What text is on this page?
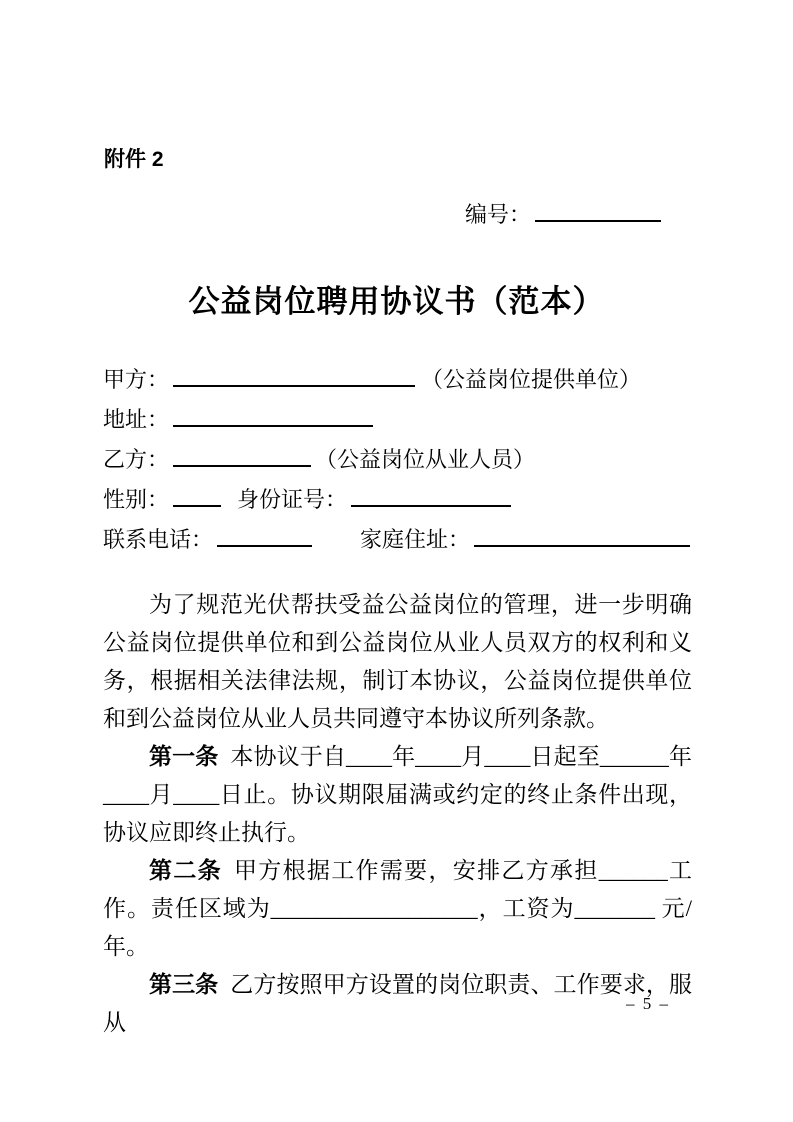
附件 2
编号：
公益岗位聘用协议书（范本）
甲方：	（公益岗位提供单位）
地址：
乙方：	（公益岗位从业人员）
性别：	身份证号：
联系电话：	家庭住址：

为了规范光伏帮扶受益公益岗位的管理，进一步明确公益岗位提供单位和到公益岗位从业人员双方的权利和义务，根据相关法律法规，制订本协议，公益岗位提供单位和到公益岗位从业人员共同遵守本协议所列条款。

第一条 本协议于自____年____月____日起至______年____月____日止。协议期限届满或约定的终止条件出现，协议应即终止执行。

第二条 甲方根据工作需要，安排乙方承担______工作。责任区域为__________________，工资为_______ 元/年。

第三条 乙方按照甲方设置的岗位职责、工作要求，服从

– 5 –
